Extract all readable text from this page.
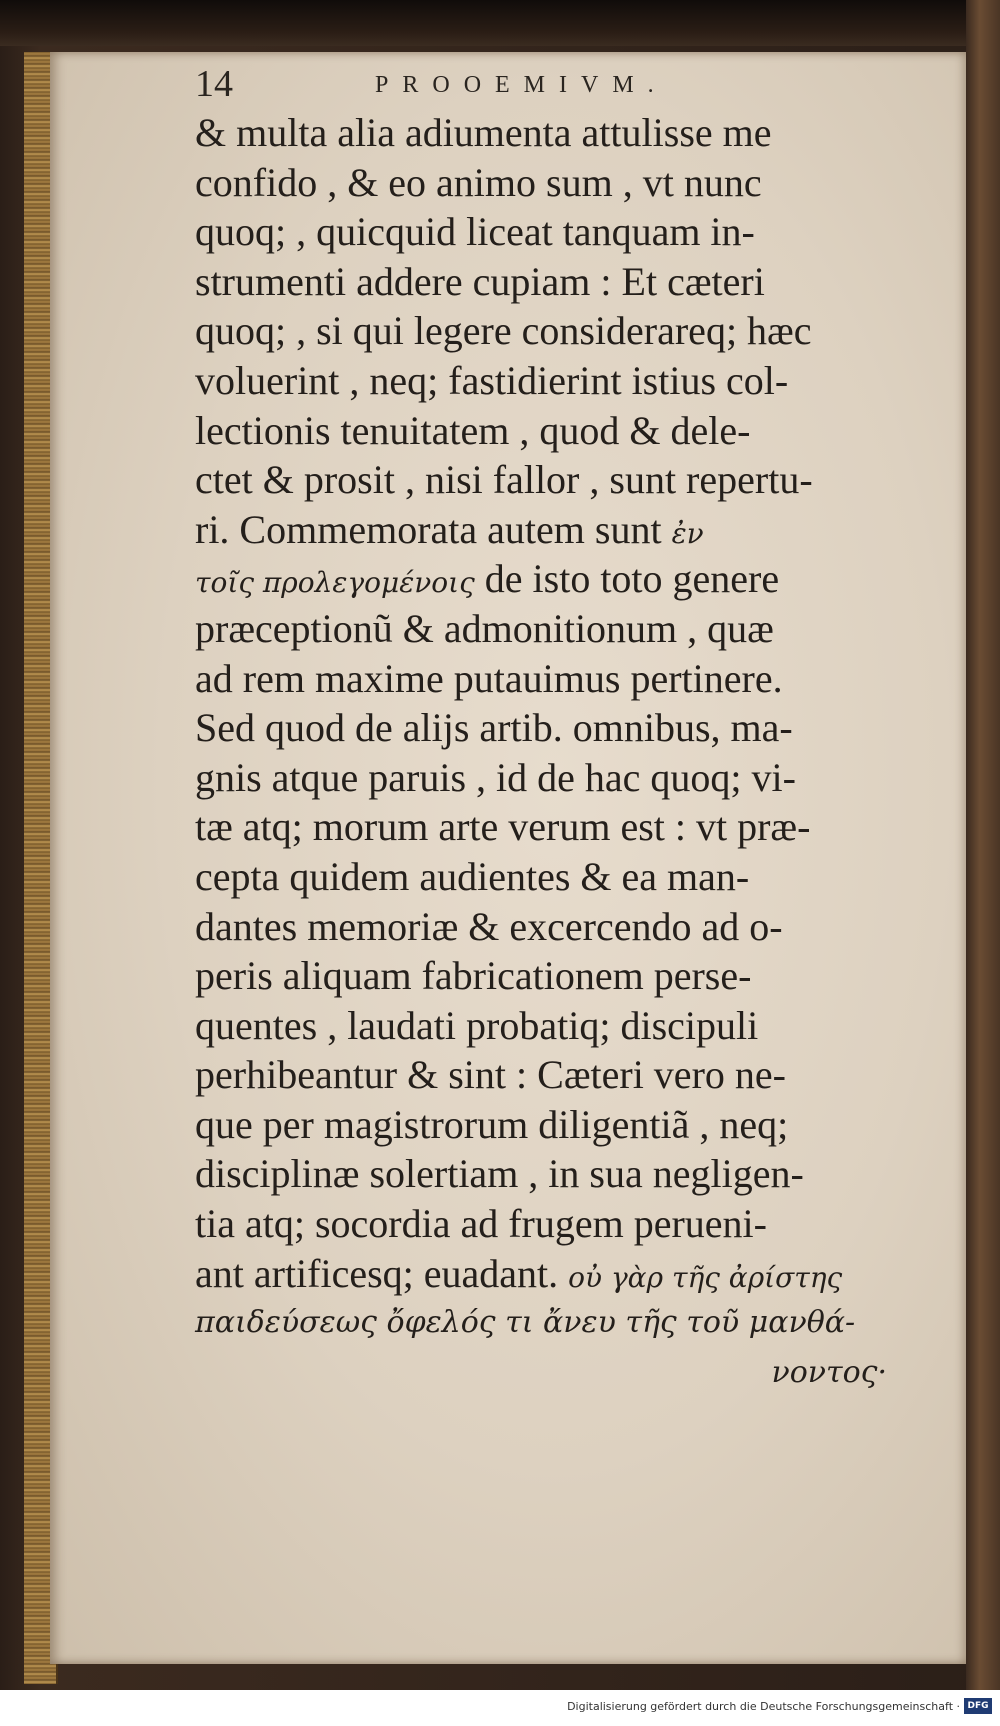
14	PROOEMIVM.
& multa alia adiumenta attulisse me
confido , & eo animo sum , vt nunc
quoq; , quicquid liceat tanquam in-
strumenti addere cupiam : Et cæteri
quoq; , si qui legere considerareq; hæc
voluerint , neq; fastidierint istius col-
lectionis tenuitatem , quod & dele-
ctet & prosit , nisi fallor , sunt repertu-
ri. Commemorata autem sunt ἐν
τοῖς προλεγομένοις de isto toto genere
præceptionũ & admonitionum , quæ
ad rem maxime putauimus pertinere.
Sed quod de alijs artib. omnibus, ma-
gnis atque paruis , id de hac quoq; vi-
tæ atq; morum arte verum est : vt præ-
cepta quidem audientes & ea man-
dantes memoriæ & excercendo ad o-
peris aliquam fabricationem perse-
quentes , laudati probatiq; discipuli
perhibeantur & sint : Cæteri vero ne-
que per magistrorum diligentiã , neq;
disciplinæ solertiam , in sua negligen-
tia atq; socordia ad frugem perueni-
ant artificesq; euadant. οὐ γὰρ τῆς ἀρίστης
παιδεύσεως ὄφελός τι ἄνευ τῆς τοῦ μανθά-
νοντος·
Digitalisierung gefördert durch die Deutsche Forschungsgemeinschaft · DFG
